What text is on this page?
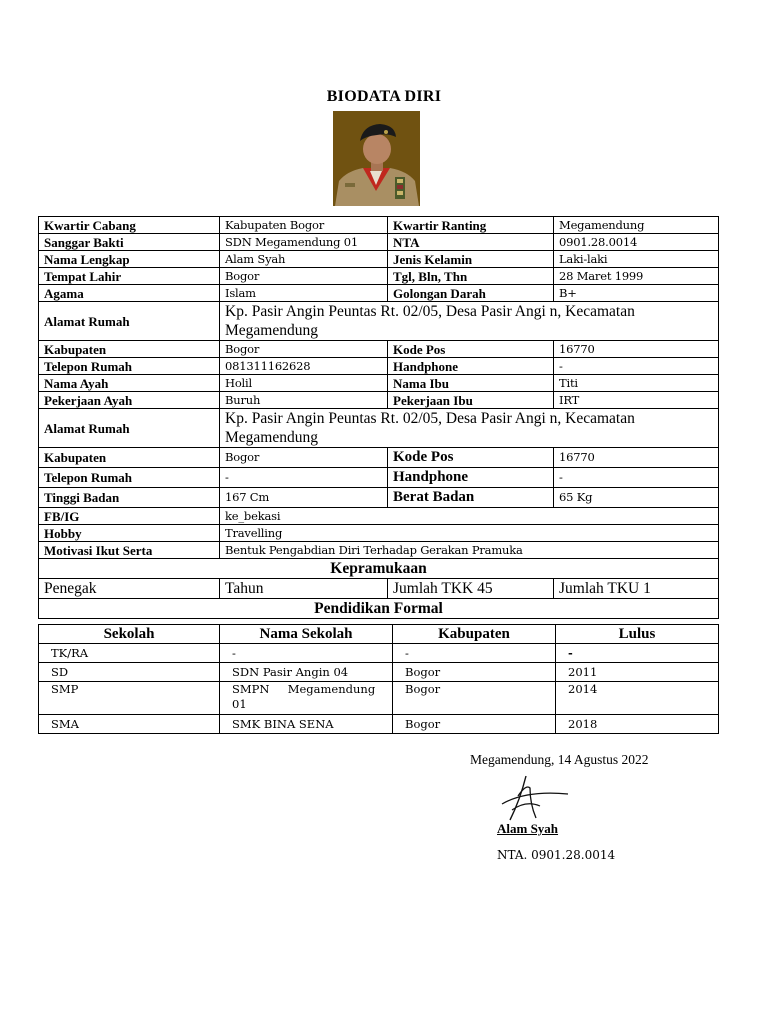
BIODATA DIRI
Kwartir Cabang	Kabupaten Bogor	Kwartir Ranting	Megamendung
Sanggar Bakti	SDN Megamendung 01	NTA	0901.28.0014
Nama Lengkap	Alam Syah	Jenis Kelamin	Laki-laki
Tempat Lahir	Bogor	Tgl, Bln, Thn	28 Maret 1999
Agama	Islam	Golongan Darah	B+
Alamat Rumah	Kp. Pasir Angin Peuntas Rt. 02/05, Desa Pasir Angi n, Kecamatan Megamendung		
Kabupaten	Bogor	Kode Pos	16770
Telepon Rumah	081311162628	Handphone	-
Nama Ayah	Holil	Nama Ibu	Titi
Pekerjaan Ayah	Buruh	Pekerjaan Ibu	IRT
Alamat Rumah	Kp. Pasir Angin Peuntas Rt. 02/05, Desa Pasir Angi n, Kecamatan Megamendung		
Kabupaten	Bogor	Kode Pos	16770
Telepon Rumah	-	Handphone	-
Tinggi Badan	167 Cm	Berat Badan	65 Kg
FB/IG	ke_bekasi		
Hobby	Travelling		
Motivasi Ikut Serta	Bentuk Pengabdian Diri Terhadap Gerakan Pramuka		
Kepramukaan			
Penegak	Tahun	Jumlah TKK 45	Jumlah TKU 1
Pendidikan Formal			
Sekolah	Nama Sekolah	Kabupaten	Lulus
TK/RA	-	-	-
SD	SDN Pasir Angin 04	Bogor	2011
SMP	SMPN     Megamendung 01	Bogor	2014
SMA	SMK BINA SENA	Bogor	2018
Megamendung, 14 Agustus 2022
Alam Syah
NTA. 0901.28.0014
